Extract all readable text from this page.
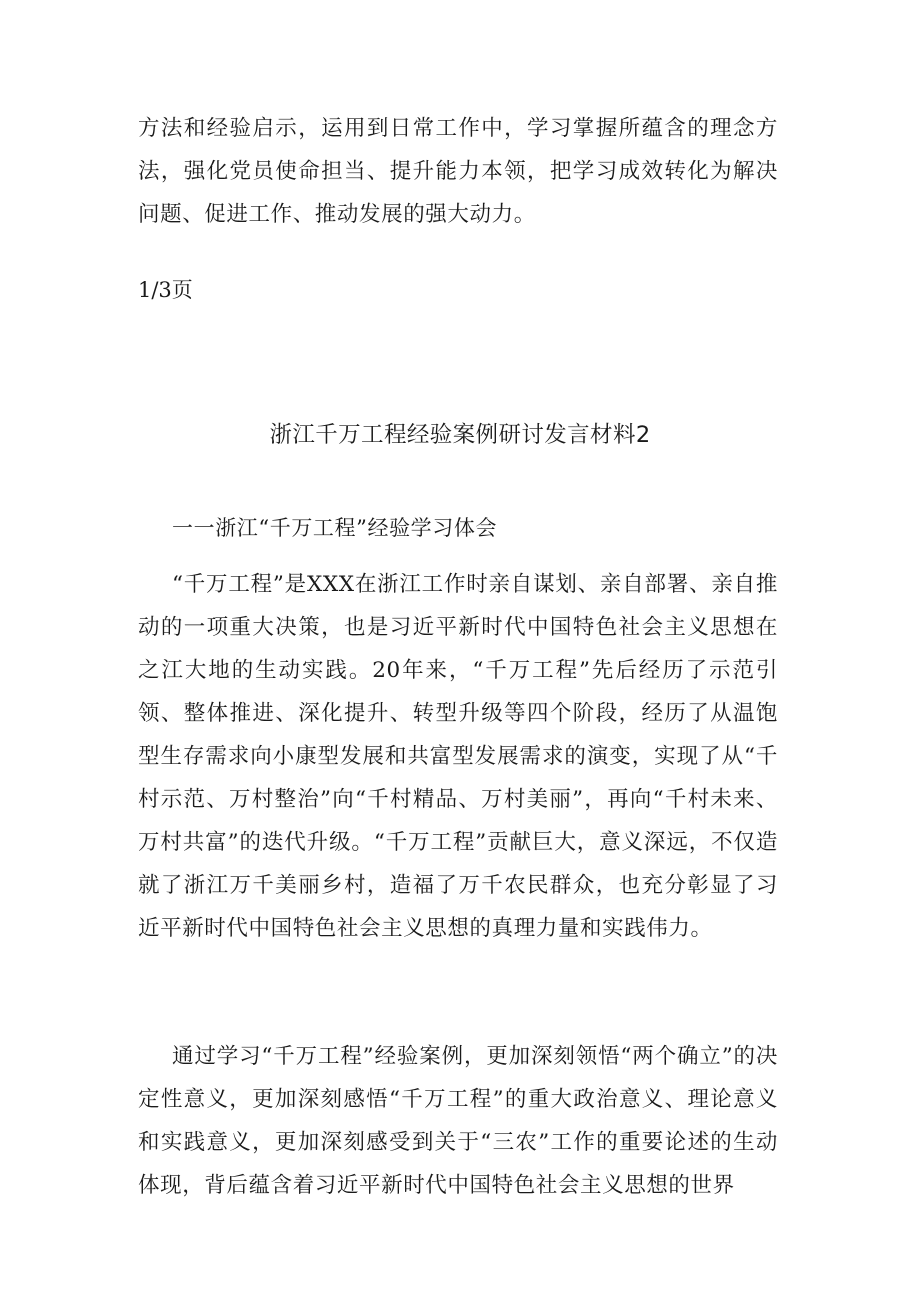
方法和经验启示，运用到日常工作中，学习掌握所蕴含的理念方法，强化党员使命担当、提升能力本领，把学习成效转化为解决问题、促进工作、推动发展的强大动力。

1/3页

浙江千万工程经验案例研讨发言材料2

一一浙江“千万工程”经验学习体会

“千万工程”是XXX在浙江工作时亲自谋划、亲自部署、亲自推动的一项重大决策，也是习近平新时代中国特色社会主义思想在之江大地的生动实践。20年来，“千万工程”先后经历了示范引领、整体推进、深化提升、转型升级等四个阶段，经历了从温饱型生存需求向小康型发展和共富型发展需求的演变，实现了从“千村示范、万村整治”向“千村精品、万村美丽”，再向“千村未来、万村共富”的迭代升级。“千万工程”贡献巨大，意义深远，不仅造就了浙江万千美丽乡村，造福了万千农民群众，也充分彰显了习近平新时代中国特色社会主义思想的真理力量和实践伟力。

通过学习“千万工程”经验案例，更加深刻领悟“两个确立”的决定性意义，更加深刻感悟“千万工程”的重大政治意义、理论意义和实践意义，更加深刻感受到关于“三农”工作的重要论述的生动体现，背后蕴含着习近平新时代中国特色社会主义思想的世界
